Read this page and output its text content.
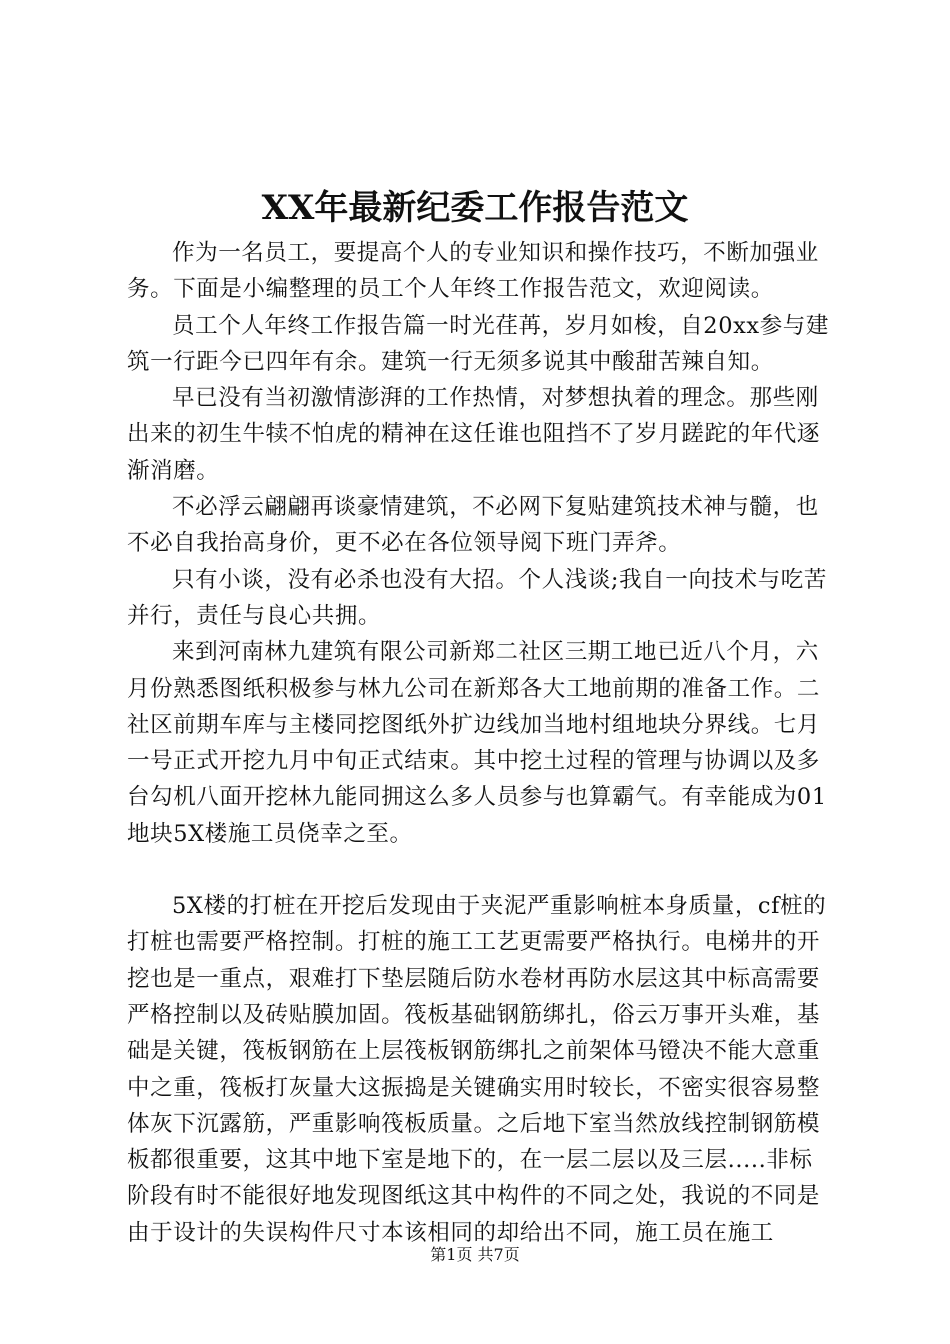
XX年最新纪委工作报告范文

作为一名员工，要提高个人的专业知识和操作技巧，不断加强业务。下面是小编整理的员工个人年终工作报告范文，欢迎阅读。

员工个人年终工作报告篇一时光荏苒，岁月如梭，自20xx参与建筑一行距今已四年有余。建筑一行无须多说其中酸甜苦辣自知。

早已没有当初激情澎湃的工作热情，对梦想执着的理念。那些刚出来的初生牛犊不怕虎的精神在这任谁也阻挡不了岁月蹉跎的年代逐渐消磨。

不必浮云翩翩再谈豪情建筑，不必网下复贴建筑技术神与髓，也不必自我抬高身价，更不必在各位领导阅下班门弄斧。

只有小谈，没有必杀也没有大招。个人浅谈;我自一向技术与吃苦并行，责任与良心共拥。

来到河南林九建筑有限公司新郑二社区三期工地已近八个月，六月份熟悉图纸积极参与林九公司在新郑各大工地前期的准备工作。二社区前期车库与主楼同挖图纸外扩边线加当地村组地块分界线。七月一号正式开挖九月中旬正式结束。其中挖土过程的管理与协调以及多台勾机八面开挖林九能同拥这么多人员参与也算霸气。有幸能成为01地块5X楼施工员侥幸之至。

5X楼的打桩在开挖后发现由于夹泥严重影响桩本身质量，cf桩的打桩也需要严格控制。打桩的施工工艺更需要严格执行。电梯井的开挖也是一重点，艰难打下垫层随后防水卷材再防水层这其中标高需要严格控制以及砖贴膜加固。筏板基础钢筋绑扎，俗云万事开头难，基础是关键，筏板钢筋在上层筏板钢筋绑扎之前架体马镫决不能大意重中之重，筏板打灰量大这振捣是关键确实用时较长，不密实很容易整体灰下沉露筋，严重影响筏板质量。之后地下室当然放线控制钢筋模板都很重要，这其中地下室是地下的，在一层二层以及三层.....非标阶段有时不能很好地发现图纸这其中构件的不同之处，我说的不同是由于设计的失误构件尺寸本该相同的却给出不同，施工员在施工

第1页 共7页
